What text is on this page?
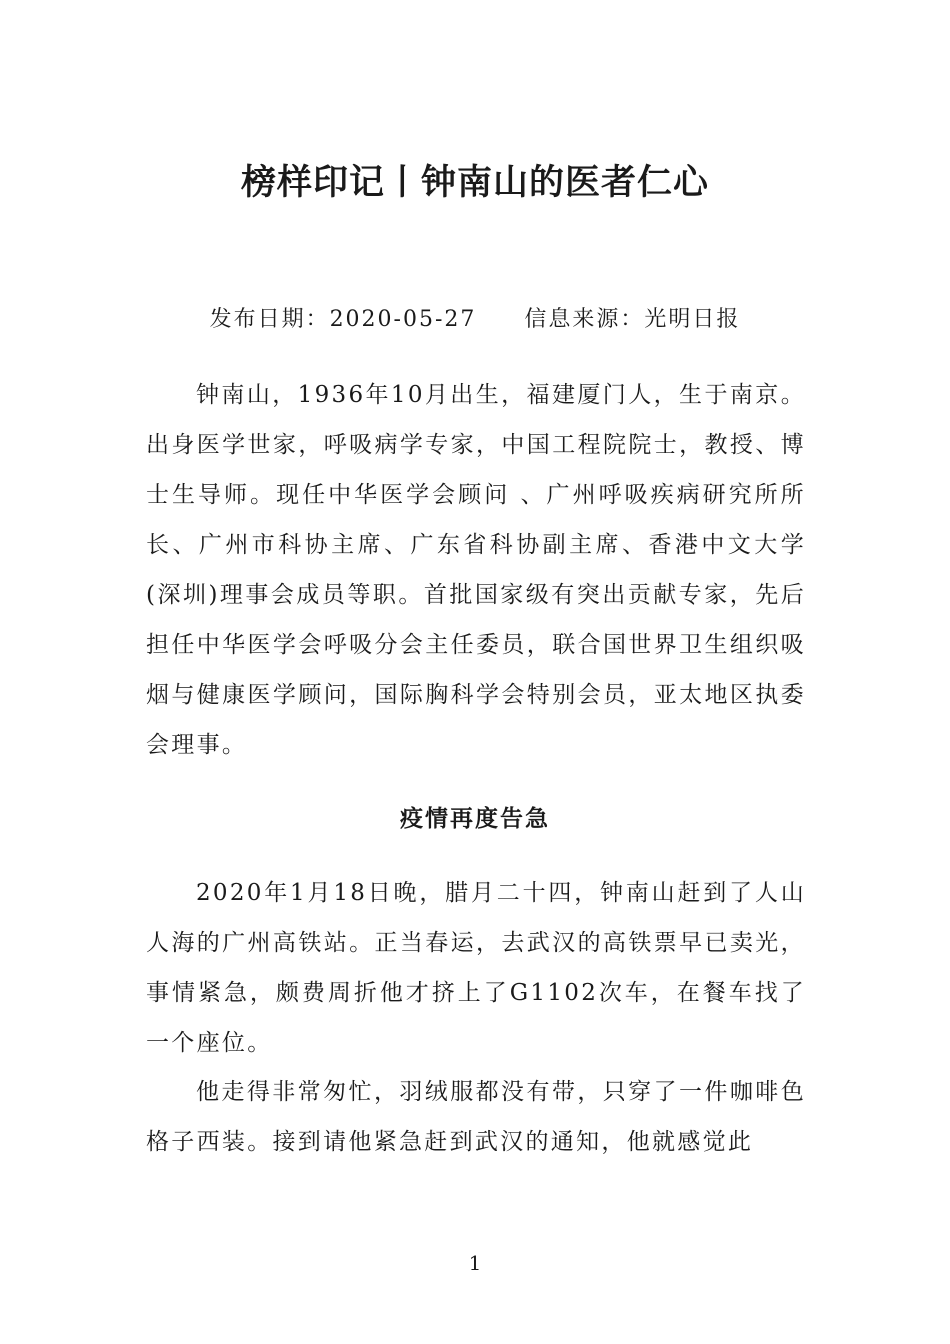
榜样印记丨钟南山的医者仁心
发布日期：2020-05-27 信息来源：光明日报

钟南山，1936年10月出生，福建厦门人，生于南京。出身医学世家，呼吸病学专家，中国工程院院士，教授、博士生导师。现任中华医学会顾问 、广州呼吸疾病研究所所长、广州市科协主席、广东省科协副主席、香港中文大学(深圳)理事会成员等职。首批国家级有突出贡献专家，先后担任中华医学会呼吸分会主任委员，联合国世界卫生组织吸烟与健康医学顾问，国际胸科学会特别会员，亚太地区执委会理事。

疫情再度告急

2020年1月18日晚，腊月二十四，钟南山赶到了人山人海的广州高铁站。正当春运，去武汉的高铁票早已卖光，事情紧急，颇费周折他才挤上了G1102次车，在餐车找了一个座位。

他走得非常匆忙，羽绒服都没有带，只穿了一件咖啡色格子西装。接到请他紧急赶到武汉的通知，他就感觉此

1
